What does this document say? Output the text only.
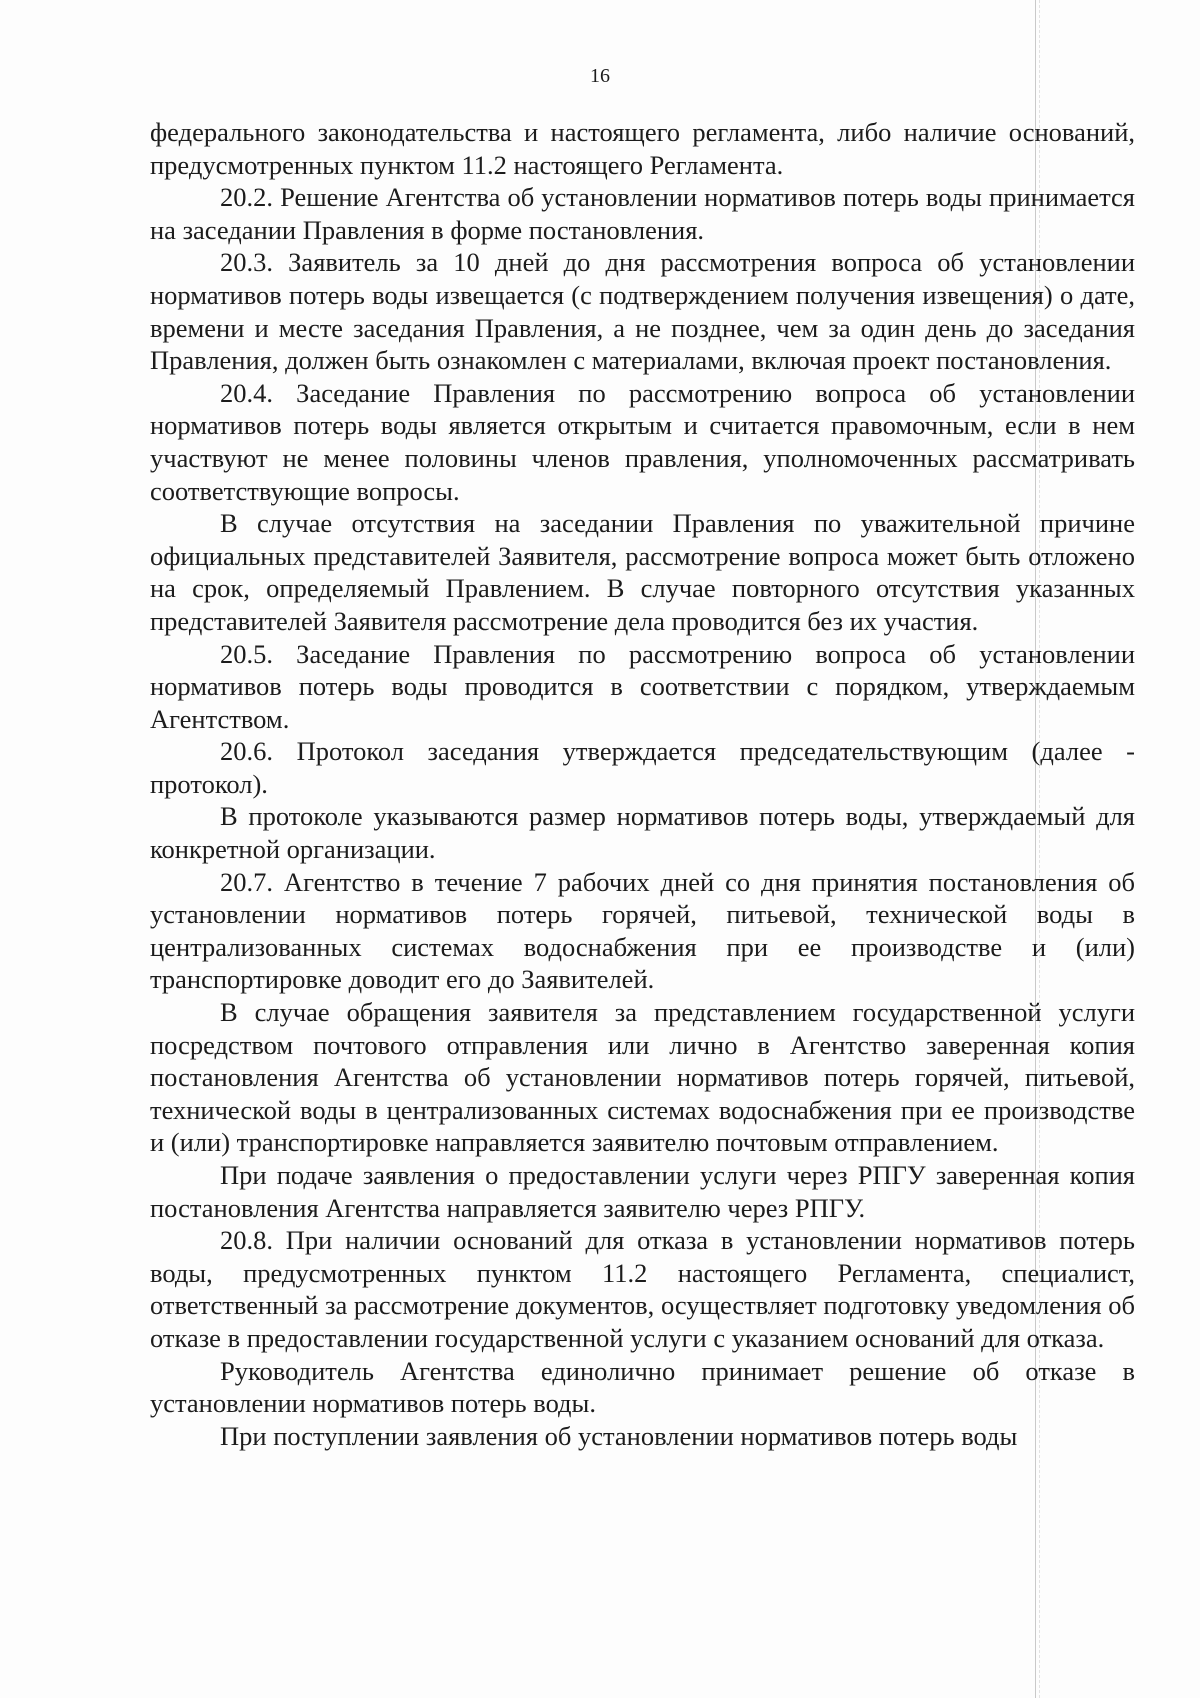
16

федерального законодательства и настоящего регламента, либо наличие оснований, предусмотренных пунктом 11.2 настоящего Регламента.

20.2. Решение Агентства об установлении нормативов потерь воды принимается на заседании Правления в форме постановления.

20.3. Заявитель за 10 дней до дня рассмотрения вопроса об установлении нормативов потерь воды извещается (с подтверждением получения извещения) о дате, времени и месте заседания Правления, а не позднее, чем за один день до заседания Правления, должен быть ознакомлен с материалами, включая проект постановления.

20.4. Заседание Правления по рассмотрению вопроса об установлении нормативов потерь воды является открытым и считается правомочным, если в нем участвуют не менее половины членов правления, уполномоченных рассматривать соответствующие вопросы.

В случае отсутствия на заседании Правления по уважительной причине официальных представителей Заявителя, рассмотрение вопроса может быть отложено на срок, определяемый Правлением. В случае повторного отсутствия указанных представителей Заявителя рассмотрение дела проводится без их участия.

20.5. Заседание Правления по рассмотрению вопроса об установлении нормативов потерь воды проводится в соответствии с порядком, утверждаемым Агентством.

20.6. Протокол заседания утверждается председательствующим (далее - протокол).

В протоколе указываются размер нормативов потерь воды, утверждаемый для конкретной организации.

20.7. Агентство в течение 7 рабочих дней со дня принятия постановления об установлении нормативов потерь горячей, питьевой, технической воды в централизованных системах водоснабжения при ее производстве и (или) транспортировке доводит его до Заявителей.

В случае обращения заявителя за представлением государственной услуги посредством почтового отправления или лично в Агентство заверенная копия постановления Агентства об установлении нормативов потерь горячей, питьевой, технической воды в централизованных системах водоснабжения при ее производстве и (или) транспортировке направляется заявителю почтовым отправлением.

При подаче заявления о предоставлении услуги через РПГУ заверенная копия постановления Агентства направляется заявителю через РПГУ.

20.8. При наличии оснований для отказа в установлении нормативов потерь воды, предусмотренных пунктом 11.2 настоящего Регламента, специалист, ответственный за рассмотрение документов, осуществляет подготовку уведомления об отказе в предоставлении государственной услуги с указанием оснований для отказа.

Руководитель Агентства единолично принимает решение об отказе в установлении нормативов потерь воды.

При поступлении заявления об установлении нормативов потерь воды
